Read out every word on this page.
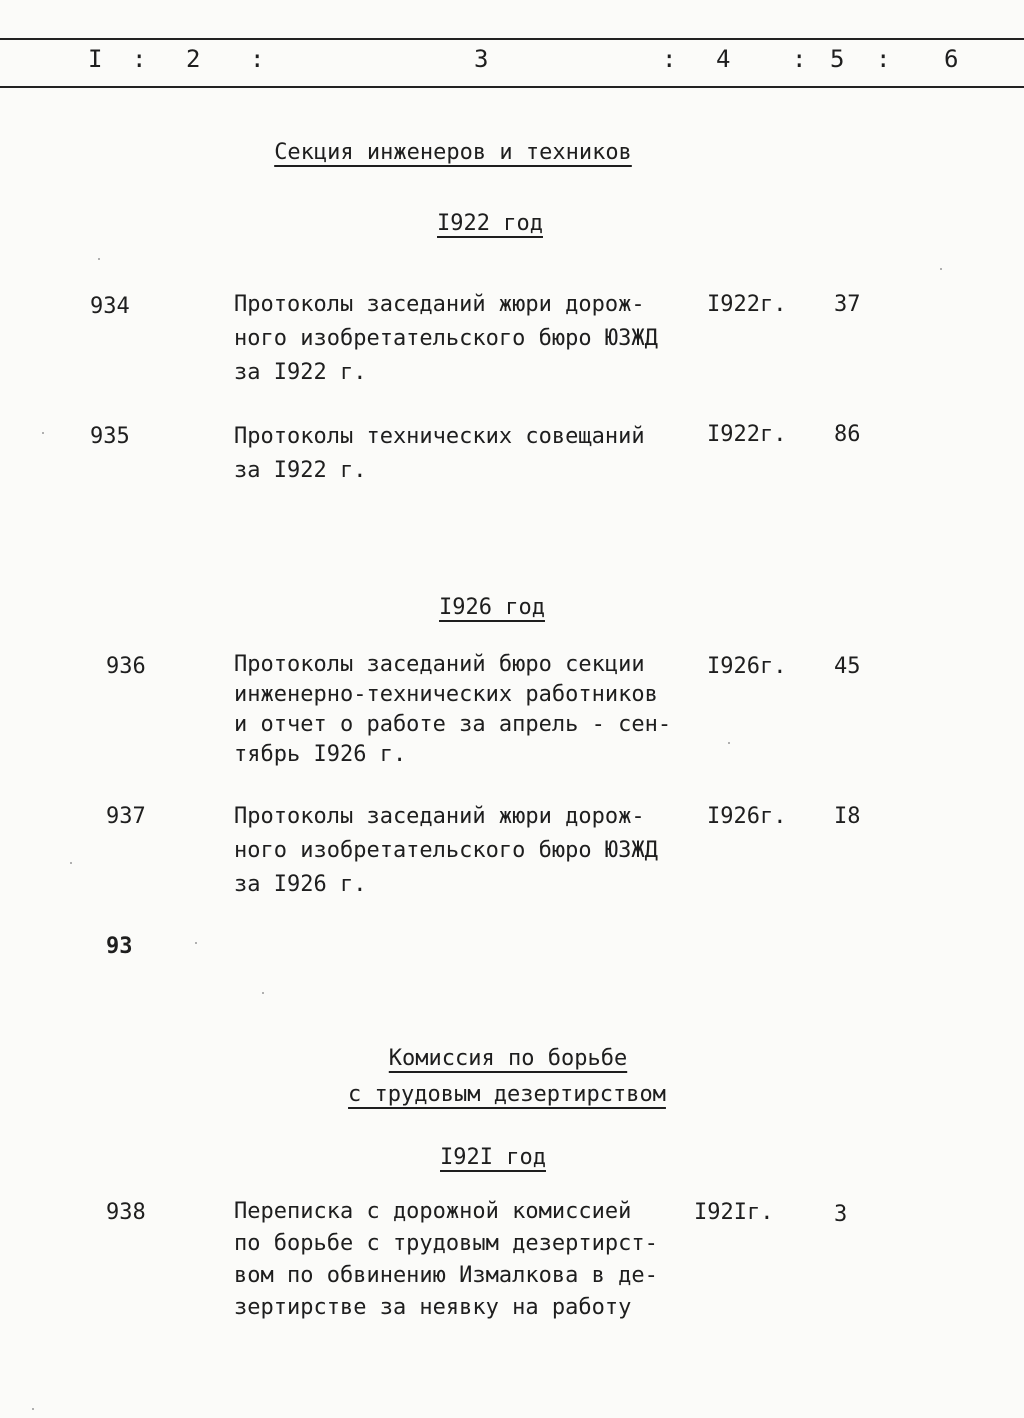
I : 2 :	3	: 4	: 5 : 6
Секция инженеров и техников
I922 год
934	Протоколы заседаний жюри дорож-
ного изобретательского бюро ЮЗЖД
за I922 г.
I922г. 37
935	Протоколы технических совещаний
за I922 г.
I922г. 86
I926 год
936	Протоколы заседаний бюро секции
инженерно-технических работников
и отчет о работе за апрель - сен-
тябрь I926 г.
I926г. 45
937	Протоколы заседаний жюри дорож-
ного изобретательского бюро ЮЗЖД
за I926 г.
I926г. I8
93
Комиссия по борьбе
с трудовым дезертирством
I92I год
938	Переписка с дорожной комиссией
по борьбе с трудовым дезертирст-
вом по обвинению Измалкова в де-
зертирстве за неявку на работу
I92Iг.	3
